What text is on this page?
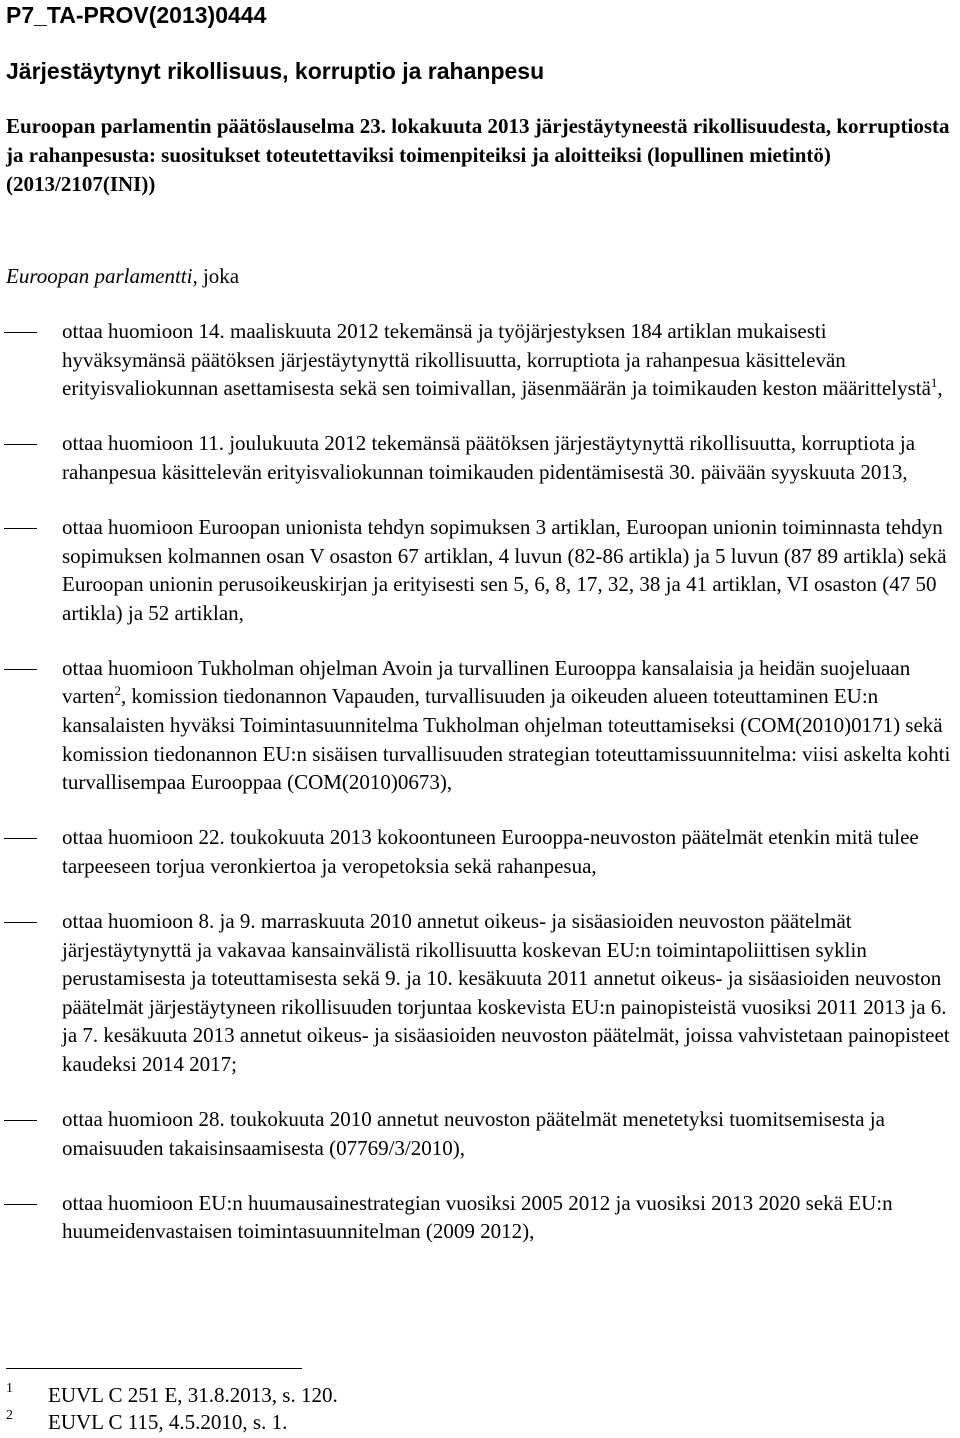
P7_TA-PROV(2013)0444
Järjestäytynyt rikollisuus, korruptio ja rahanpesu
Euroopan parlamentin päätöslauselma 23. lokakuuta 2013 järjestäytyneestä rikollisuudesta, korruptiosta ja rahanpesusta: suositukset toteutettaviksi toimenpiteiksi ja aloitteiksi (lopullinen mietintö) (2013/2107(INI))
Euroopan parlamentti, joka
ottaa huomioon 14. maaliskuuta 2012 tekemänsä ja työjärjestyksen 184 artiklan mukaisesti hyväksymänsä päätöksen järjestäytynyttä rikollisuutta, korruptiota ja rahanpesua käsittelevän erityisvaliokunnan asettamisesta sekä sen toimivallan, jäsenmäärän ja toimikauden keston määrittelystä$^1$,
ottaa huomioon 11. joulukuuta 2012 tekemänsä päätöksen järjestäytynyttä rikollisuutta, korruptiota ja rahanpesua käsittelevän erityisvaliokunnan toimikauden pidentämisestä 30. päivään syyskuuta 2013,
ottaa huomioon Euroopan unionista tehdyn sopimuksen 3 artiklan, Euroopan unionin toiminnasta tehdyn sopimuksen kolmannen osan V osaston 67 artiklan, 4 luvun (82-86 artikla) ja 5 luvun (87 89 artikla) sekä Euroopan unionin perusoikeuskirjan ja erityisesti sen 5, 6, 8, 17, 32, 38 ja 41 artiklan, VI osaston (47 50 artikla) ja 52 artiklan,
ottaa huomioon Tukholman ohjelman Avoin ja turvallinen Eurooppa kansalaisia ja heidän suojeluaan varten$^2$, komission tiedonannon Vapauden, turvallisuuden ja oikeuden alueen toteuttaminen EU:n kansalaisten hyväksi Toimintasuunnitelma Tukholman ohjelman toteuttamiseksi (COM(2010)0171) sekä komission tiedonannon EU:n sisäisen turvallisuuden strategian toteuttamissuunnitelma: viisi askelta kohti turvallisempaa Eurooppaa (COM(2010)0673),
ottaa huomioon 22. toukokuuta 2013 kokoontuneen Eurooppa-neuvoston päätelmät etenkin mitä tulee tarpeeseen torjua veronkiertoa ja veropetoksia sekä rahanpesua,
ottaa huomioon 8. ja 9. marraskuuta 2010 annetut oikeus- ja sisäasioiden neuvoston päätelmät järjestäytynyttä ja vakavaa kansainvälistä rikollisuutta koskevan EU:n toimintapoliittisen syklin perustamisesta ja toteuttamisesta sekä 9. ja 10. kesäkuuta 2011 annetut oikeus- ja sisäasioiden neuvoston päätelmät järjestäytyneen rikollisuuden torjuntaa koskevista EU:n painopisteistä vuosiksi 2011 2013 ja 6. ja 7. kesäkuuta 2013 annetut oikeus- ja sisäasioiden neuvoston päätelmät, joissa vahvistetaan painopisteet kaudeksi 2014 2017;
ottaa huomioon 28. toukokuuta 2010 annetut neuvoston päätelmät menetetyksi tuomitsemisesta ja omaisuuden takaisinsaamisesta (07769/3/2010),
ottaa huomioon EU:n huumausainestrategian vuosiksi 2005 2012 ja vuosiksi 2013 2020 sekä EU:n huumeidenvastaisen toimintasuunnitelman (2009 2012),
1 EUVL C 251 E, 31.8.2013, s. 120.
2 EUVL C 115, 4.5.2010, s. 1.
